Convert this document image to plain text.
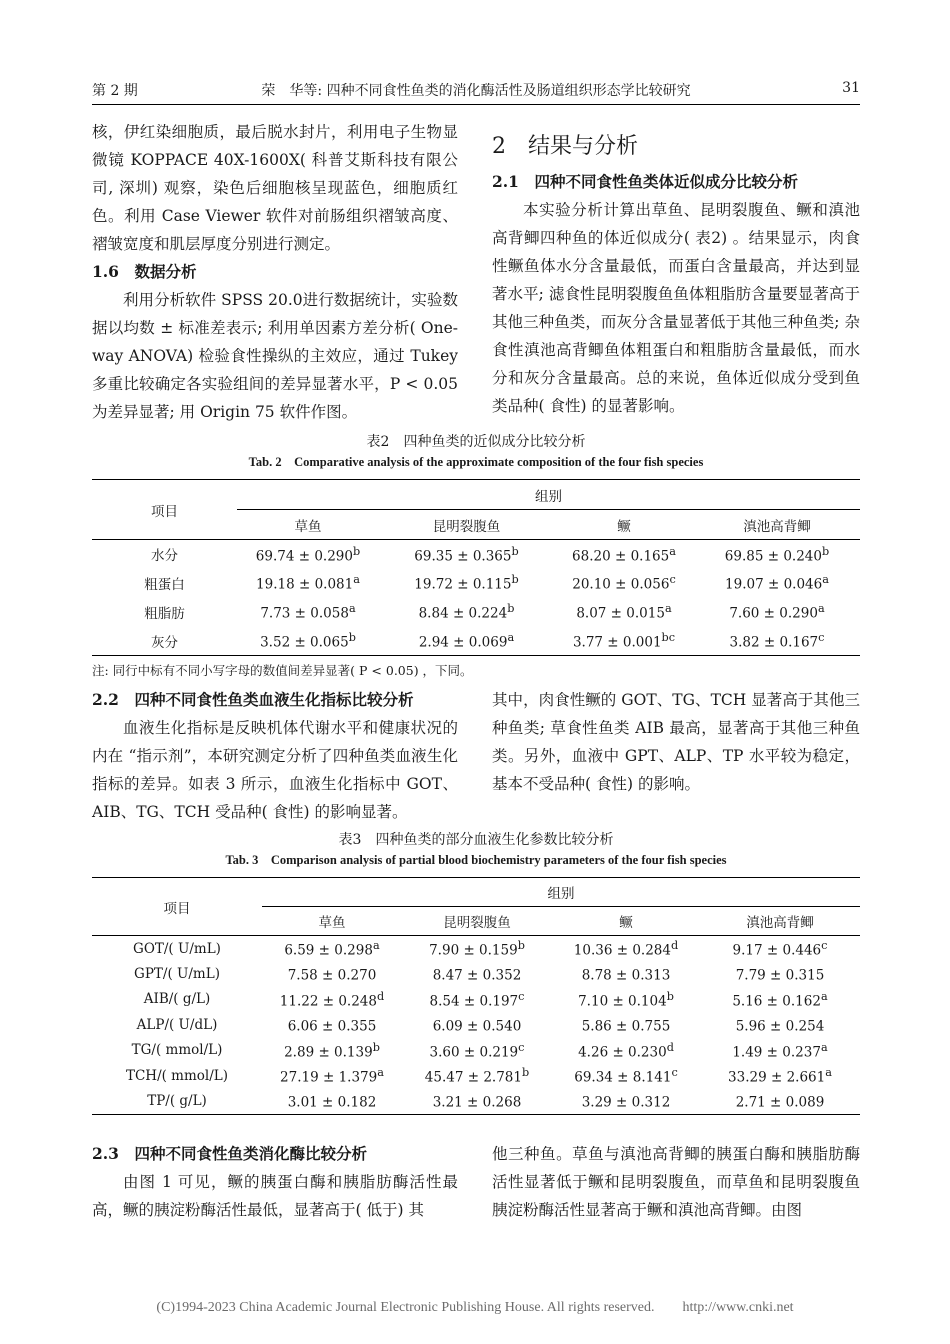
第 2 期	荣　华等: 四种不同食性鱼类的消化酶活性及肠道组织形态学比较研究	31

核，伊红染细胞质，最后脱水封片，利用电子生物显微镜 KOPPACE 40X-1600X( 科普艾斯科技有限公司, 深圳) 观察，染色后细胞核呈现蓝色，细胞质红色。利用 Case Viewer 软件对前肠组织褶皱高度、褶皱宽度和肌层厚度分别进行测定。

1.6　数据分析

利用分析软件 SPSS 20.0进行数据统计，实验数据以均数 ± 标准差表示; 利用单因素方差分析( One-way ANOVA) 检验食性操纵的主效应，通过 Tukey 多重比较确定各实验组间的差异显著水平，P < 0.05 为差异显著; 用 Origin 75 软件作图。

2　结果与分析

2.1　四种不同食性鱼类体近似成分比较分析

本实验分析计算出草鱼、昆明裂腹鱼、鳜和滇池高背鲫四种鱼的体近似成分( 表2) 。结果显示，肉食性鳜鱼体水分含量最低，而蛋白含量最高，并达到显著水平; 滤食性昆明裂腹鱼鱼体粗脂肪含量要显著高于其他三种鱼类，而灰分含量显著低于其他三种鱼类; 杂食性滇池高背鲫鱼体粗蛋白和粗脂肪含量最低，而水分和灰分含量最高。总的来说，鱼体近似成分受到鱼类品种( 食性) 的显著影响。

表2　四种鱼类的近似成分比较分析
Tab. 2　Comparative analysis of the approximate composition of the four fish species
项目	组别			
	草鱼	昆明裂腹鱼	鳜	滇池高背鲫
水分	69.74 ± 0.290$^b$	69.35 ± 0.365$^b$	68.20 ± 0.165$^a$	69.85 ± 0.240$^b$
粗蛋白	19.18 ± 0.081$^a$	19.72 ± 0.115$^b$	20.10 ± 0.056$^c$	19.07 ± 0.046$^a$
粗脂肪	7.73 ± 0.058$^a$	8.84 ± 0.224$^b$	8.07 ± 0.015$^a$	7.60 ± 0.290$^a$
灰分	3.52 ± 0.065$^b$	2.94 ± 0.069$^a$	3.77 ± 0.001$^{bc}$	3.82 ± 0.167$^c$
注: 同行中标有不同小写字母的数值间差异显著( P < 0.05) ，下同。

2.2　四种不同食性鱼类血液生化指标比较分析

血液生化指标是反映机体代谢水平和健康状况的内在 “指示剂”，本研究测定分析了四种鱼类血液生化指标的差异。如表 3 所示，血液生化指标中 GOT、AIB、TG、TCH 受品种( 食性) 的影响显著。

其中，肉食性鳜的 GOT、TG、TCH 显著高于其他三种鱼类; 草食性鱼类 AIB 最高，显著高于其他三种鱼类。另外，血液中 GPT、ALP、TP 水平较为稳定，基本不受品种( 食性) 的影响。

表3　四种鱼类的部分血液生化参数比较分析
Tab. 3　Comparison analysis of partial blood biochemistry parameters of the four fish species
项目	组别			
	草鱼	昆明裂腹鱼	鳜	滇池高背鲫
GOT/( U/mL)	6.59 ± 0.298$^a$	7.90 ± 0.159$^b$	10.36 ± 0.284$^d$	9.17 ± 0.446$^c$
GPT/( U/mL)	7.58 ± 0.270	8.47 ± 0.352	8.78 ± 0.313	7.79 ± 0.315
AIB/( g/L)	11.22 ± 0.248$^d$	8.54 ± 0.197$^c$	7.10 ± 0.104$^b$	5.16 ± 0.162$^a$
ALP/( U/dL)	6.06 ± 0.355	6.09 ± 0.540	5.86 ± 0.755	5.96 ± 0.254
TG/( mmol/L)	2.89 ± 0.139$^b$	3.60 ± 0.219$^c$	4.26 ± 0.230$^d$	1.49 ± 0.237$^a$
TCH/( mmol/L)	27.19 ± 1.379$^a$	45.47 ± 2.781$^b$	69.34 ± 8.141$^c$	33.29 ± 2.661$^a$
TP/( g/L)	3.01 ± 0.182	3.21 ± 0.268	3.29 ± 0.312	2.71 ± 0.089

2.3　四种不同食性鱼类消化酶比较分析

由图 1 可见，鳜的胰蛋白酶和胰脂肪酶活性最高，鳜的胰淀粉酶活性最低，显著高于( 低于) 其

他三种鱼。草鱼与滇池高背鲫的胰蛋白酶和胰脂肪酶活性显著低于鳜和昆明裂腹鱼，而草鱼和昆明裂腹鱼胰淀粉酶活性显著高于鳜和滇池高背鲫。由图

(C)1994-2023 China Academic Journal Electronic Publishing House. All rights reserved.　　http://www.cnki.net
